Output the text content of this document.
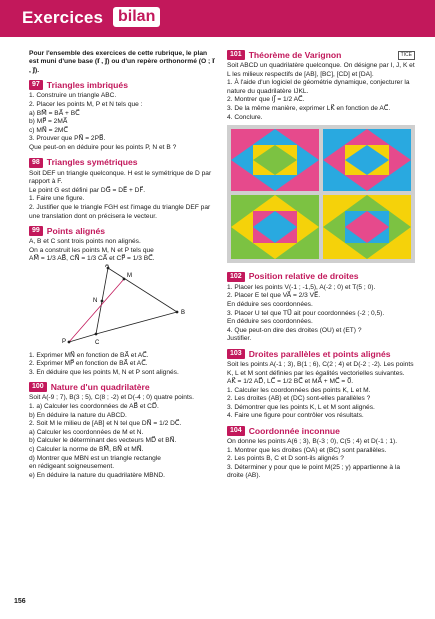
Exercices bilan

Pour l'ensemble des exercices de cette rubrique, le plan est muni d'une base (i⃗ , j⃗) ou d'un repère orthonormé (O ; i⃗ , j⃗).

97 Triangles imbriqués

1. Construire un triangle ABC.

2. Placer les points M, P et N tels que :

a) BM⃗ = BA⃗ + BC⃗

b) MP⃗ = 2MA⃗

c) MN⃗ = 2MC⃗

3. Prouver que PN⃗ = 2PB⃗.

Que peut-on en déduire pour les points P, N et B ?

98 Triangles symétriques

Soit DEF un triangle quelconque. H est le symétrique de D par rapport à F.

Le point G est défini par DG⃗ = DE⃗ + DF⃗.

1. Faire une figure.

2. Justifier que le triangle FGH est l'image du triangle DEF par une translation dont on précisera le vecteur.

99 Points alignés

A, B et C sont trois points non alignés.

On a construit les points M, N et P tels que

AM⃗ = 1/3 AB⃗, CN⃗ = 1/3 CA⃗ et CP⃗ = 1/3 BC⃗.

A
M
N
B
P	C

1. Exprimer MN⃗ en fonction de BA⃗ et AC⃗.

2. Exprimer MP⃗ en fonction de BA⃗ et AC⃗.

3. En déduire que les points M, N et P sont alignés.

100 Nature d'un quadrilatère

Soit A(-9 ; 7), B(3 ; 5), C(8 ; -2) et D(-4 ; 0) quatre points.

1. a) Calculer les coordonnées de AB⃗ et CD⃗.

b) En déduire la nature du ABCD.

2. Soit M le milieu de [AB] et N tel que DN⃗ = 1/2 DC⃗.

a) Calculer les coordonnées de M et N.

b) Calculer le déterminant des vecteurs MD⃗ et BN⃗.

c) Calculer la norme de BM⃗, BN⃗ et MN⃗.

d) Montrer que MBN est un triangle rectangle

en rédigeant soigneusement.

e) En déduire la nature du quadrilatère MBND.

101 Théorème de Varignon	TICE

Soit ABCD un quadrilatère quelconque. On désigne par I, J, K et L les milieux respectifs de [AB], [BC], [CD] et [DA].

1. À l'aide d'un logiciel de géométrie dynamique, conjecturer la nature du quadrilatère IJKL.

2. Montrer que IJ⃗ = 1/2 AC⃗.

3. De la même manière, exprimer LK⃗ en fonction de AC⃗.

4. Conclure.

102 Position relative de droites

1. Placer les points V(-1 ; -1,5), A(-2 ; 0) et T(5 ; 0).

2. Placer E tel que VA⃗ = 2/3 VE⃗.

En déduire ses coordonnées.

3. Placer U tel que TU⃗ ait pour coordonnées (-2 ; 0,5).

En déduire ses coordonnées.

4. Que peut-on dire des droites (OU) et (ET) ?

Justifier.

103 Droites parallèles et points alignés

Soit les points A(-1 ; 3), B(1 ; 6), C(2 ; 4) et D(-2 ; -2). Les points K, L et M sont définies par les égalités vectorielles suivantes.

AK⃗ = 1/2 AD⃗, LC⃗ = 1/2 BC⃗ et MA⃗ + MC⃗ = 0⃗.

1. Calculer les coordonnées des points K, L et M.

2. Les droites (AB) et (DC) sont-elles parallèles ?

3. Démontrer que les points K, L et M sont alignés.

4. Faire une figure pour contrôler vos résultats.

104 Coordonnée inconnue

On donne les points A(6 ; 3), B(-3 ; 0), C(5 ; 4) et D(-1 ; 1).

1. Montrer que les droites (OA) et (BC) sont parallèles.

2. Les points B, C et D sont-ils alignés ?

3. Déterminer y pour que le point M(25 ; y) appartienne à la droite (AB).

156
